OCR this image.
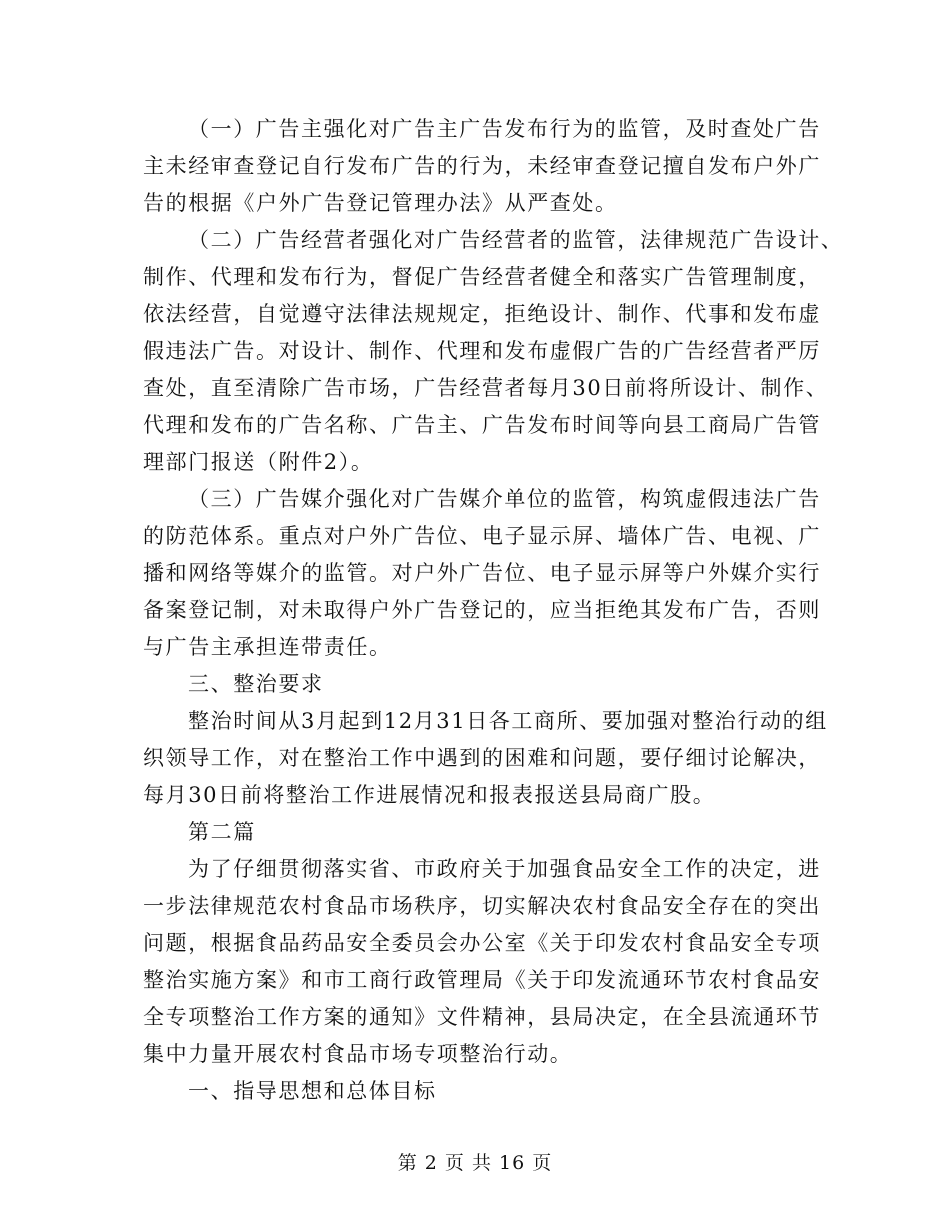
（一）广告主强化对广告主广告发布行为的监管，及时查处广告
主未经审查登记自行发布广告的行为，未经审查登记擅自发布户外广
告的根据《户外广告登记管理办法》从严查处。
（二）广告经营者强化对广告经营者的监管，法律规范广告设计、
制作、代理和发布行为，督促广告经营者健全和落实广告管理制度，
依法经营，自觉遵守法律法规规定，拒绝设计、制作、代事和发布虚
假违法广告。对设计、制作、代理和发布虚假广告的广告经营者严厉
查处，直至清除广告市场，广告经营者每月30日前将所设计、制作、
代理和发布的广告名称、广告主、广告发布时间等向县工商局广告管
理部门报送（附件2）。
（三）广告媒介强化对广告媒介单位的监管，构筑虚假违法广告
的防范体系。重点对户外广告位、电子显示屏、墙体广告、电视、广
播和网络等媒介的监管。对户外广告位、电子显示屏等户外媒介实行
备案登记制，对未取得户外广告登记的，应当拒绝其发布广告，否则
与广告主承担连带责任。
三、整治要求
整治时间从3月起到12月31日各工商所、要加强对整治行动的组
织领导工作，对在整治工作中遇到的困难和问题，要仔细讨论解决，
每月30日前将整治工作进展情况和报表报送县局商广股。
第二篇
为了仔细贯彻落实省、市政府关于加强食品安全工作的决定，进
一步法律规范农村食品市场秩序，切实解决农村食品安全存在的突出
问题，根据食品药品安全委员会办公室《关于印发农村食品安全专项
整治实施方案》和市工商行政管理局《关于印发流通环节农村食品安
全专项整治工作方案的通知》文件精神，县局决定，在全县流通环节
集中力量开展农村食品市场专项整治行动。
一、指导思想和总体目标
第 2 页 共 16 页
